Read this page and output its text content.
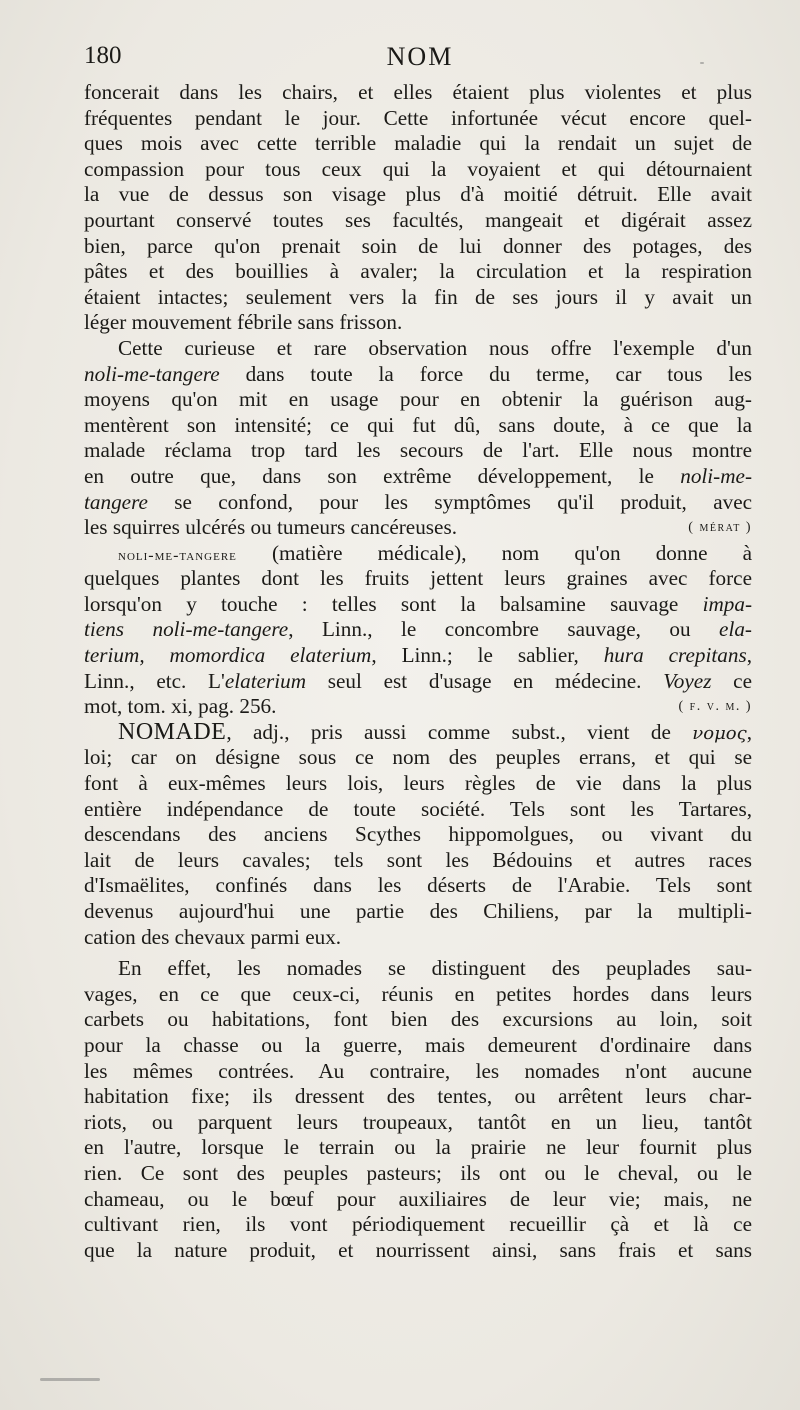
180	NOM
foncerait dans les chairs, et elles étaient plus violentes et plus
fréquentes pendant le jour. Cette infortunée vécut encore quel-
ques mois avec cette terrible maladie qui la rendait un sujet de
compassion pour tous ceux qui la voyaient et qui détournaient
la vue de dessus son visage plus d'à moitié détruit. Elle avait
pourtant conservé toutes ses facultés, mangeait et digérait assez
bien, parce qu'on prenait soin de lui donner des potages, des
pâtes et des bouillies à avaler; la circulation et la respiration
étaient intactes; seulement vers la fin de ses jours il y avait un
léger mouvement fébrile sans frisson.
Cette curieuse et rare observation nous offre l'exemple d'un
noli-me-tangere dans toute la force du terme, car tous les
moyens qu'on mit en usage pour en obtenir la guérison aug-
mentèrent son intensité; ce qui fut dû, sans doute, à ce que la
malade réclama trop tard les secours de l'art. Elle nous montre
en outre que, dans son extrême développement, le noli-me-
tangere se confond, pour les symptômes qu'il produit, avec
les squirres ulcérés ou tumeurs cancéreuses.	( mérat )
noli-me-tangere (matière médicale), nom qu'on donne à
quelques plantes dont les fruits jettent leurs graines avec force
lorsqu'on y touche : telles sont la balsamine sauvage impa-
tiens noli-me-tangere, Linn., le concombre sauvage, ou ela-
terium, momordica elaterium, Linn.; le sablier, hura crepitans,
Linn., etc. L'elaterium seul est d'usage en médecine. Voyez ce
mot, tom. xi, pag. 256.	( f. v. m. )
NOMADE, adj., pris aussi comme subst., vient de νομος,
loi; car on désigne sous ce nom des peuples errans, et qui se
font à eux-mêmes leurs lois, leurs règles de vie dans la plus
entière indépendance de toute société. Tels sont les Tartares,
descendans des anciens Scythes hippomolgues, ou vivant du
lait de leurs cavales; tels sont les Bédouins et autres races
d'Ismaëlites, confinés dans les déserts de l'Arabie. Tels sont
devenus aujourd'hui une partie des Chiliens, par la multipli-
cation des chevaux parmi eux.
En effet, les nomades se distinguent des peuplades sau-
vages, en ce que ceux-ci, réunis en petites hordes dans leurs
carbets ou habitations, font bien des excursions au loin, soit
pour la chasse ou la guerre, mais demeurent d'ordinaire dans
les mêmes contrées. Au contraire, les nomades n'ont aucune
habitation fixe; ils dressent des tentes, ou arrêtent leurs char-
riots, ou parquent leurs troupeaux, tantôt en un lieu, tantôt
en l'autre, lorsque le terrain ou la prairie ne leur fournit plus
rien. Ce sont des peuples pasteurs; ils ont ou le cheval, ou le
chameau, ou le bœuf pour auxiliaires de leur vie; mais, ne
cultivant rien, ils vont périodiquement recueillir çà et là ce
que la nature produit, et nourrissent ainsi, sans frais et sans
